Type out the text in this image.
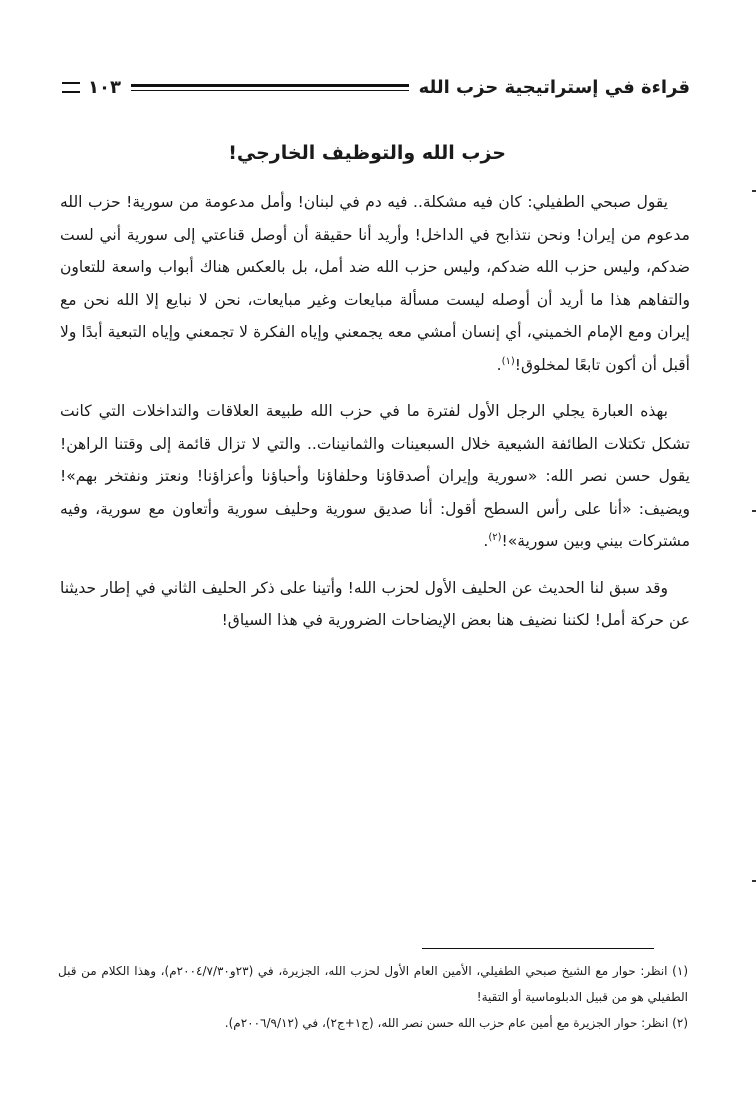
قراءة في إستراتيجية حزب الله
١٠٣
حزب الله والتوظيف الخارجي!

يقول صبحي الطفيلي: كان فيه مشكلة.. فيه دم في لبنان! وأمل مدعومة من سورية! حزب الله مدعوم من إيران! ونحن نتذابح في الداخل! وأريد أنا حقيقة أن أوصل قناعتي إلى سورية أني لست ضدكم، وليس حزب الله ضدكم، وليس حزب الله ضد أمل، بل بالعكس هناك أبواب واسعة للتعاون والتفاهم هذا ما أريد أن أوصله ليست مسألة مبايعات وغير مبايعات، نحن لا نبايع إلا الله نحن مع إيران ومع الإمام الخميني، أي إنسان أمشي معه يجمعني وإياه الفكرة لا تجمعني وإياه التبعية أبدًا ولا أقبل أن أكون تابعًا لمخلوق!$^{(١)}$.

بهذه العبارة يجلي الرجل الأول لفترة ما في حزب الله طبيعة العلاقات والتداخلات التي كانت تشكل تكتلات الطائفة الشيعية خلال السبعينات والثمانينات.. والتي لا تزال قائمة إلى وقتنا الراهن! يقول حسن نصر الله: «سورية وإيران أصدقاؤنا وحلفاؤنا وأحباؤنا وأعزاؤنا! ونعتز ونفتخر بهم»! ويضيف: «أنا على رأس السطح أقول: أنا صديق سورية وحليف سورية وأتعاون مع سورية، وفيه مشتركات بيني وبين سورية»!$^{(٢)}$.

وقد سبق لنا الحديث عن الحليف الأول لحزب الله! وأتينا على ذكر الحليف الثاني في إطار حديثنا عن حركة أمل! لكننا نضيف هنا بعض الإيضاحات الضرورية في هذا السياق!

(١) انظر: حوار مع الشيخ صبحي الطفيلي، الأمين العام الأول لحزب الله، الجزيرة، في (٢٣و٢٠٠٤/٧/٣٠م)، وهذا الكلام من قبل الطفيلي هو من قبيل الدبلوماسية أو التقية!

(٢) انظر: حوار الجزيرة مع أمين عام حزب الله حسن نصر الله، (ج١+ج٢)، في (٢٠٠٦/٩/١٢م).
